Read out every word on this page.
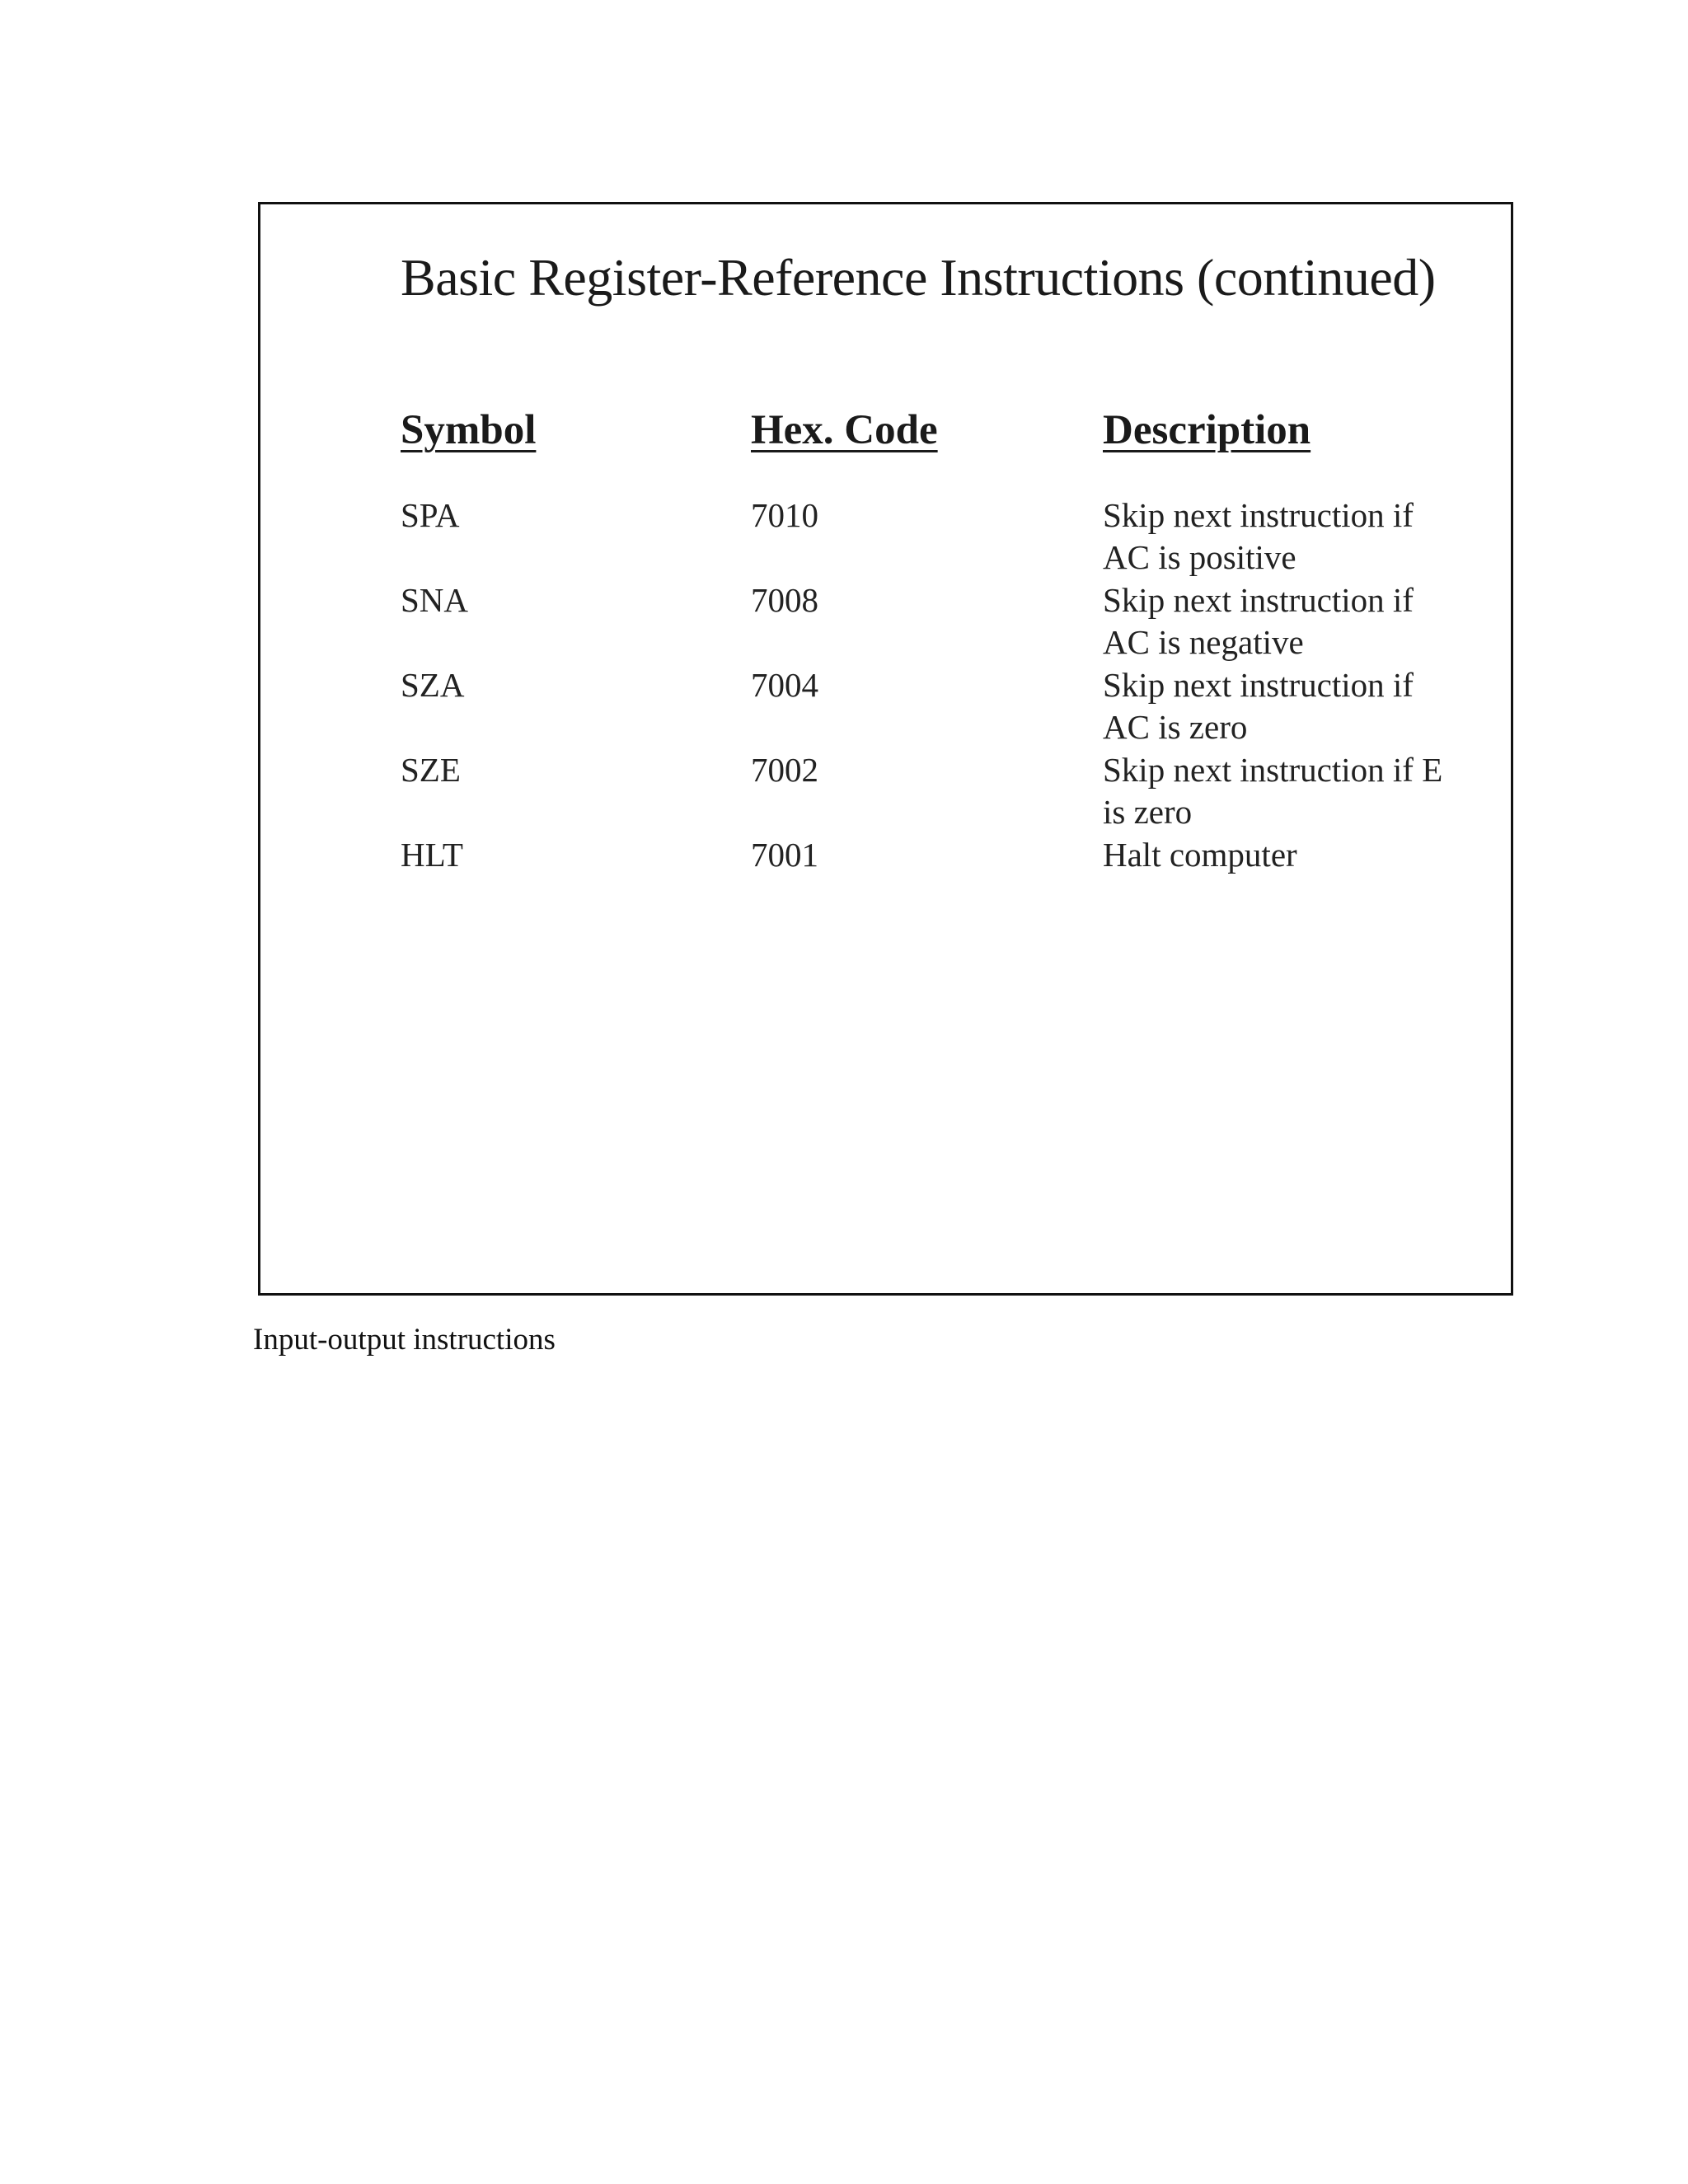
Basic Register-Reference Instructions (continued)
Symbol	Hex. Code	Description
SPA	7010	Skip next instruction if AC is positive
SNA	7008	Skip next instruction if AC is negative
SZA	7004	Skip next instruction if AC is zero
SZE	7002	Skip next instruction if E is zero
HLT	7001	Halt computer
Input-output instructions
